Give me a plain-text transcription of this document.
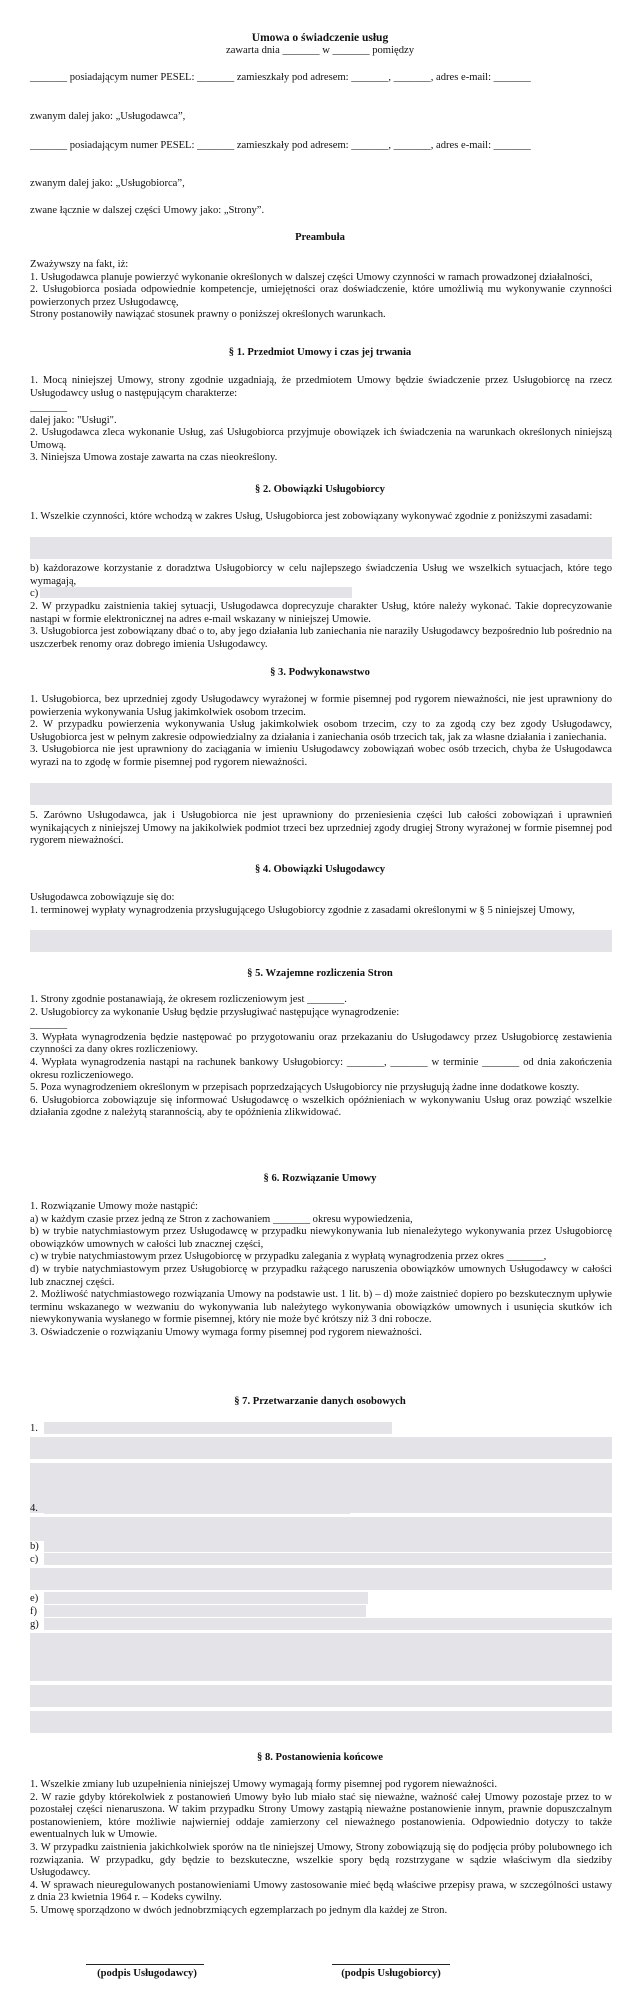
Umowa o świadczenie usług
zawarta dnia _______ w _______ pomiędzy
_______ posiadającym numer PESEL: _______ zamieszkały pod adresem: _______, _______, adres e-mail: _______
zwanym dalej jako: „Usługodawca”,
_______ posiadającym numer PESEL: _______ zamieszkały pod adresem: _______, _______, adres e-mail: _______
zwanym dalej jako: „Usługobiorca”,
zwane łącznie w dalszej części Umowy jako: „Strony”.
Preambuła
Zważywszy na fakt, iż:
1. Usługodawca planuje powierzyć wykonanie określonych w dalszej części Umowy czynności w ramach prowadzonej działalności,
2. Usługobiorca posiada odpowiednie kompetencje, umiejętności oraz doświadczenie, które umożliwią mu wykonywanie czynności powierzonych przez Usługodawcę,
Strony postanowiły nawiązać stosunek prawny o poniższej określonych warunkach.
§ 1. Przedmiot Umowy i czas jej trwania
1. Mocą niniejszej Umowy, strony zgodnie uzgadniają, że przedmiotem Umowy będzie świadczenie przez Usługobiorcę na rzecz Usługodawcy usług o następującym charakterze:
_______
dalej jako: "Usługi".
2. Usługodawca zleca wykonanie Usług, zaś Usługobiorca przyjmuje obowiązek ich świadczenia na warunkach określonych niniejszą Umową.
3. Niniejsza Umowa zostaje zawarta na czas nieokreślony.
§ 2. Obowiązki Usługobiorcy
1. Wszelkie czynności, które wchodzą w zakres Usług, Usługobiorca jest zobowiązany wykonywać zgodnie z poniższymi zasadami:
b) każdorazowe korzystanie z doradztwa Usługobiorcy w celu najlepszego świadczenia Usług we wszelkich sytuacjach, które tego wymagają,
c)
2. W przypadku zaistnienia takiej sytuacji, Usługodawca doprecyzuje charakter Usług, które należy wykonać. Takie doprecyzowanie nastąpi w formie elektronicznej na adres e-mail wskazany w niniejszej Umowie.
3. Usługobiorca jest zobowiązany dbać o to, aby jego działania lub zaniechania nie naraziły Usługodawcy bezpośrednio lub pośrednio na uszczerbek renomy oraz dobrego imienia Usługodawcy.
§ 3. Podwykonawstwo
1. Usługobiorca, bez uprzedniej zgody Usługodawcy wyrażonej w formie pisemnej pod rygorem nieważności, nie jest uprawniony do powierzenia wykonywania Usług jakimkolwiek osobom trzecim.
2. W przypadku powierzenia wykonywania Usług jakimkolwiek osobom trzecim, czy to za zgodą czy bez zgody Usługodawcy, Usługobiorca jest w pełnym zakresie odpowiedzialny za działania i zaniechania osób trzecich tak, jak za własne działania i zaniechania.
3. Usługobiorca nie jest uprawniony do zaciągania w imieniu Usługodawcy zobowiązań wobec osób trzecich, chyba że Usługodawca wyrazi na to zgodę w formie pisemnej pod rygorem nieważności.
5. Zarówno Usługodawca, jak i Usługobiorca nie jest uprawniony do przeniesienia części lub całości zobowiązań i uprawnień wynikających z niniejszej Umowy na jakikolwiek podmiot trzeci bez uprzedniej zgody drugiej Strony wyrażonej w formie pisemnej pod rygorem nieważności.
§ 4. Obowiązki Usługodawcy
Usługodawca zobowiązuje się do:
1. terminowej wypłaty wynagrodzenia przysługującego Usługobiorcy zgodnie z zasadami określonymi w § 5 niniejszej Umowy,
§ 5. Wzajemne rozliczenia Stron
1. Strony zgodnie postanawiają, że okresem rozliczeniowym jest _______.
2. Usługobiorcy za wykonanie Usług będzie przysługiwać następujące wynagrodzenie:
_______
3. Wypłata wynagrodzenia będzie następować po przygotowaniu oraz przekazaniu do Usługodawcy przez Usługobiorcę zestawienia czynności za dany okres rozliczeniowy.
4. Wypłata wynagrodzenia nastąpi na rachunek bankowy Usługobiorcy: _______, _______ w terminie _______ od dnia zakończenia okresu rozliczeniowego.
5. Poza wynagrodzeniem określonym w przepisach poprzedzających Usługobiorcy nie przysługują żadne inne dodatkowe koszty.
6. Usługobiorca zobowiązuje się informować Usługodawcę o wszelkich opóźnieniach w wykonywaniu Usług oraz powziąć wszelkie działania zgodne z należytą starannością, aby te opóźnienia zlikwidować.
§ 6. Rozwiązanie Umowy
1. Rozwiązanie Umowy może nastąpić:
a) w każdym czasie przez jedną ze Stron z zachowaniem _______ okresu wypowiedzenia,
b) w trybie natychmiastowym przez Usługodawcę w przypadku niewykonywania lub nienależytego wykonywania przez Usługobiorcę obowiązków umownych w całości lub znacznej części,
c) w trybie natychmiastowym przez Usługobiorcę w przypadku zalegania z wypłatą wynagrodzenia przez okres _______,
d) w trybie natychmiastowym przez Usługobiorcę w przypadku rażącego naruszenia obowiązków umownych Usługodawcy w całości lub znacznej części.
2. Możliwość natychmiastowego rozwiązania Umowy na podstawie ust. 1 lit. b) – d) może zaistnieć dopiero po bezskutecznym upływie terminu wskazanego w wezwaniu do wykonywania lub należytego wykonywania obowiązków umownych i usunięcia skutków ich niewykonywania wysłanego w formie pisemnej, który nie może być krótszy niż 3 dni robocze.
3. Oświadczenie o rozwiązaniu Umowy wymaga formy pisemnej pod rygorem nieważności.
§ 7. Przetwarzanie danych osobowych
1.
4.
b)
c)
e)
f)
g)
§ 8. Postanowienia końcowe
1. Wszelkie zmiany lub uzupełnienia niniejszej Umowy wymagają formy pisemnej pod rygorem nieważności.
2. W razie gdyby którekolwiek z postanowień Umowy było lub miało stać się nieważne, ważność całej Umowy pozostaje przez to w pozostałej części nienaruszona. W takim przypadku Strony Umowy zastąpią nieważne postanowienie innym, prawnie dopuszczalnym postanowieniem, które możliwie najwierniej oddaje zamierzony cel nieważnego postanowienia. Odpowiednio dotyczy to także ewentualnych luk w Umowie.
3. W przypadku zaistnienia jakichkolwiek sporów na tle niniejszej Umowy, Strony zobowiązują się do podjęcia próby polubownego ich rozwiązania. W przypadku, gdy będzie to bezskuteczne, wszelkie spory będą rozstrzygane w sądzie właściwym dla siedziby Usługodawcy.
4. W sprawach nieuregulowanych postanowieniami Umowy zastosowanie mieć będą właściwe przepisy prawa, w szczególności ustawy z dnia 23 kwietnia 1964 r. – Kodeks cywilny.
5. Umowę sporządzono w dwóch jednobrzmiących egzemplarzach po jednym dla każdej ze Stron.
(podpis Usługodawcy)	(podpis Usługobiorcy)
